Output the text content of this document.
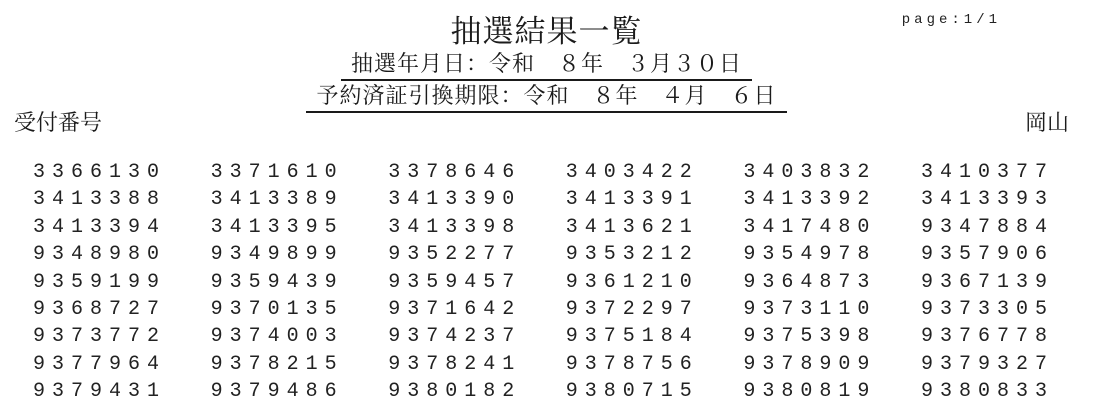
page:1/1
抽選結果一覧
抽選年月日：令和　８年　３月３０日
予約済証引換期限：令和　８年　４月　６日
受付番号	岡山
3366130	3371610	3378646	3403422	3403832	3410377
3413388	3413389	3413390	3413391	3413392	3413393
3413394	3413395	3413398	3413621	3417480	9347884
9348980	9349899	9352277	9353212	9354978	9357906
9359199	9359439	9359457	9361210	9364873	9367139
9368727	9370135	9371642	9372297	9373110	9373305
9373772	9374003	9374237	9375184	9375398	9376778
9377964	9378215	9378241	9378756	9378909	9379327
9379431	9379486	9380182	9380715	9380819	9380833
